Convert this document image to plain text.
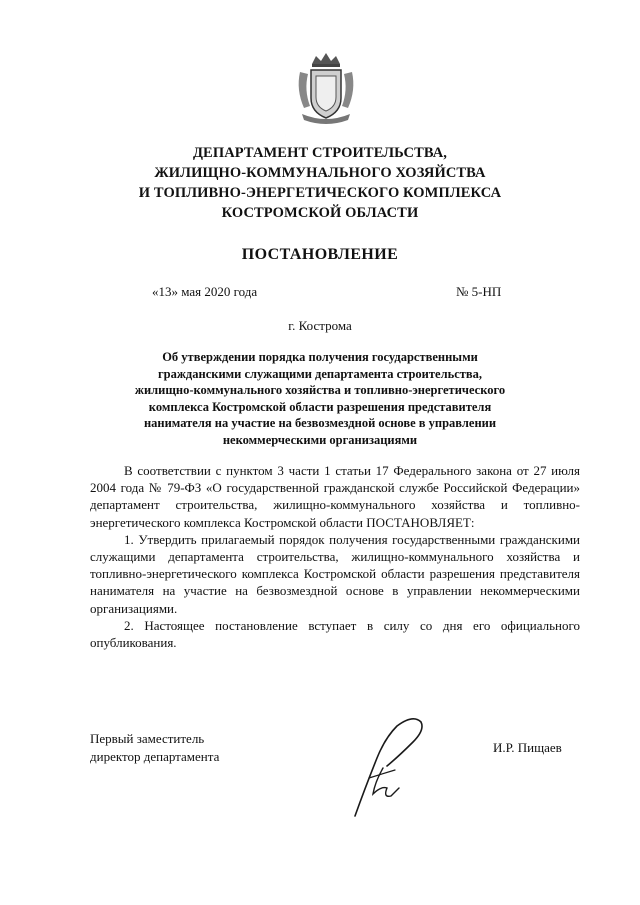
ДЕПАРТАМЕНТ СТРОИТЕЛЬСТВА,
ЖИЛИЩНО-КОММУНАЛЬНОГО ХОЗЯЙСТВА
И ТОПЛИВНО-ЭНЕРГЕТИЧЕСКОГО КОМПЛЕКСА
КОСТРОМСКОЙ ОБЛАСТИ
ПОСТАНОВЛЕНИЕ
«13» мая 2020 года	№ 5-НП
г. Кострома
Об утверждении порядка получения государственными
гражданскими служащими департамента строительства,
жилищно-коммунального хозяйства и топливно-энергетического
комплекса Костромской области разрешения представителя
нанимателя на участие на безвозмездной основе в управлении
некоммерческими организациями

В соответствии с пунктом 3 части 1 статьи 17 Федерального закона от 27 июля 2004 года № 79-ФЗ «О государственной гражданской службе Российской Федерации» департамент строительства, жилищно-коммунального хозяйства и топливно-энергетического комплекса Костромской области ПОСТАНОВЛЯЕТ:

1. Утвердить прилагаемый порядок получения государственными гражданскими служащими департамента строительства, жилищно-коммунального хозяйства и топливно-энергетического комплекса Костромской области разрешения представителя нанимателя на участие на безвозмездной основе в управлении некоммерческими организациями.

2. Настоящее постановление вступает в силу со дня его официального опубликования.

Первый заместитель
директор департамента
И.Р. Пищаев
